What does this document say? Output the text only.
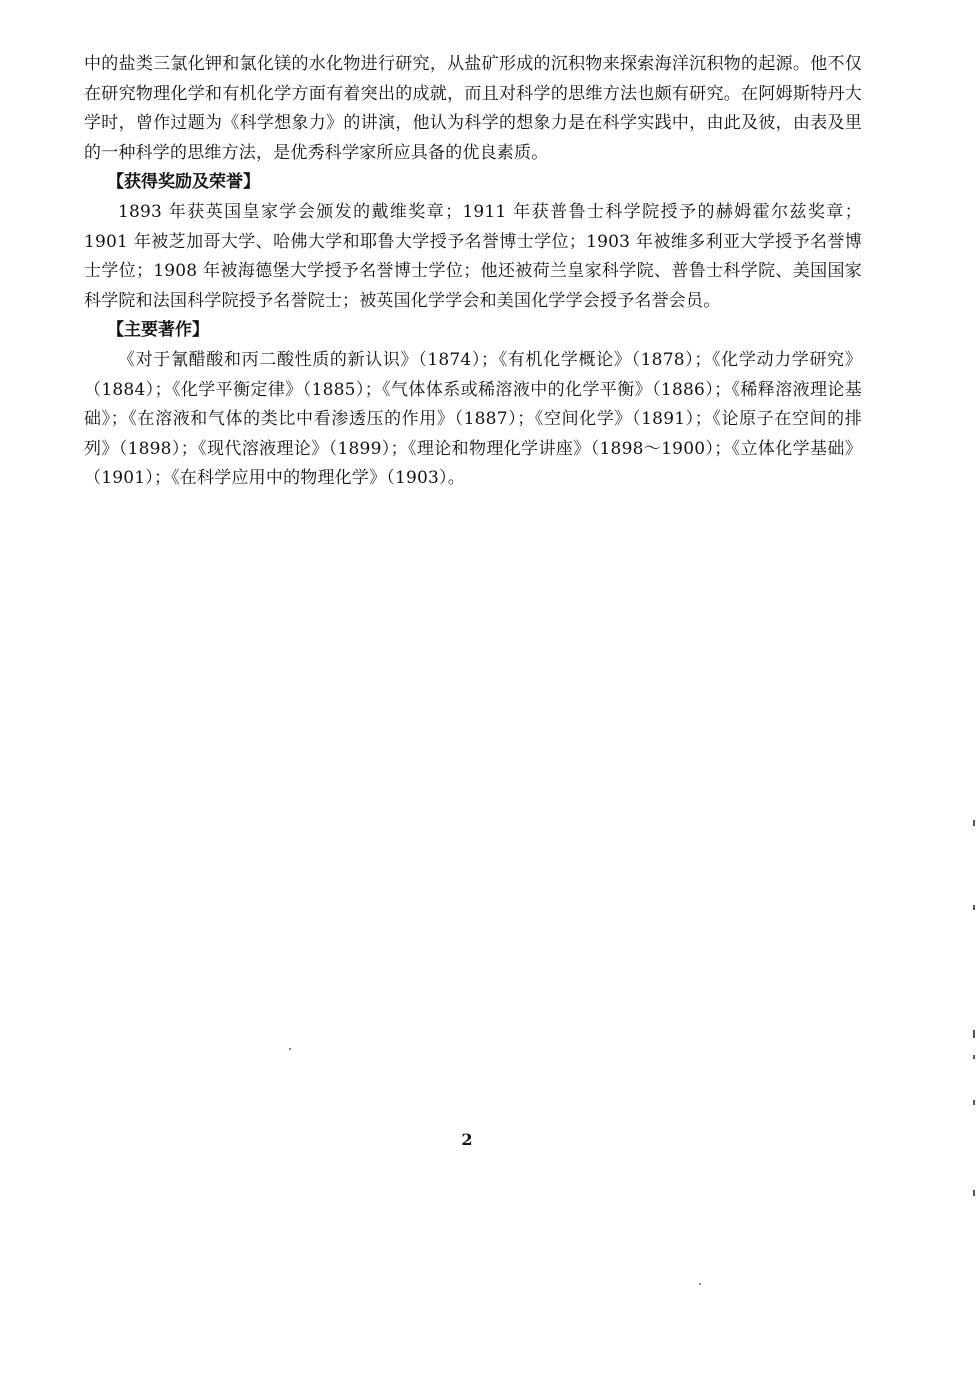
中的盐类三氯化钾和氯化镁的水化物进行研究，从盐矿形成的沉积物来探索海洋沉积物的起源。他不仅在研究物理化学和有机化学方面有着突出的成就，而且对科学的思维方法也颇有研究。在阿姆斯特丹大学时，曾作过题为《科学想象力》的讲演，他认为科学的想象力是在科学实践中，由此及彼，由表及里的一种科学的思维方法，是优秀科学家所应具备的优良素质。

【获得奖励及荣誉】

1893 年获英国皇家学会颁发的戴维奖章；1911 年获普鲁士科学院授予的赫姆霍尔兹奖章；1901 年被芝加哥大学、哈佛大学和耶鲁大学授予名誉博士学位；1903 年被维多利亚大学授予名誉博士学位；1908 年被海德堡大学授予名誉博士学位；他还被荷兰皇家科学院、普鲁士科学院、美国国家科学院和法国科学院授予名誉院士；被英国化学学会和美国化学学会授予名誉会员。

【主要著作】

《对于氰醋酸和丙二酸性质的新认识》（1874）；《有机化学概论》（1878）；《化学动力学研究》（1884）；《化学平衡定律》（1885）；《气体体系或稀溶液中的化学平衡》（1886）；《稀释溶液理论基础》；《在溶液和气体的类比中看渗透压的作用》（1887）；《空间化学》（1891）；《论原子在空间的排列》（1898）；《现代溶液理论》（1899）；《理论和物理化学讲座》（1898～1900）；《立体化学基础》（1901）；《在科学应用中的物理化学》（1903）。

2
